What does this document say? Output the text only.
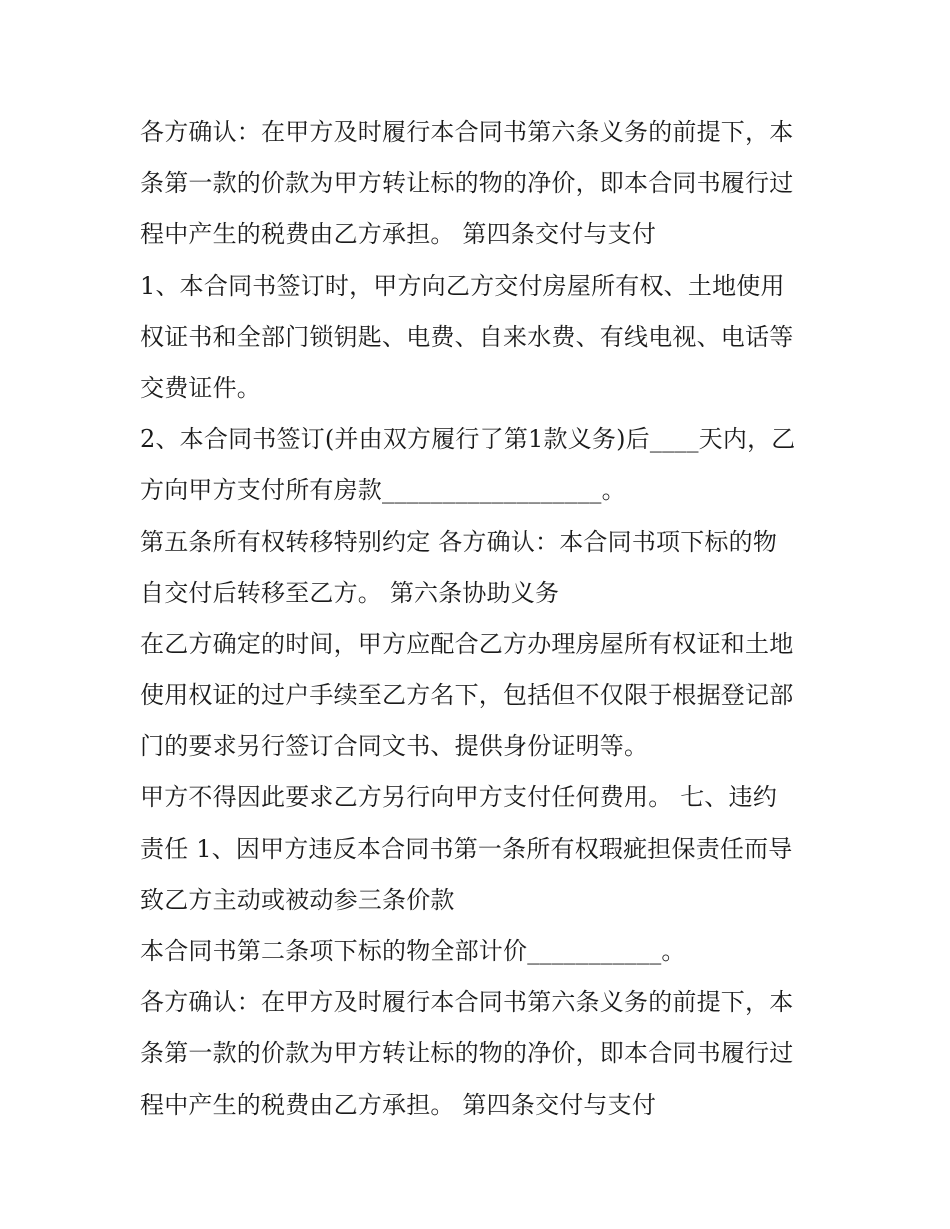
各方确认：在甲方及时履行本合同书第六条义务的前提下，本
条第一款的价款为甲方转让标的物的净价，即本合同书履行过
程中产生的税费由乙方承担。 第四条交付与支付
1、本合同书签订时，甲方向乙方交付房屋所有权、土地使用
权证书和全部门锁钥匙、电费、自来水费、有线电视、电话等
交费证件。
2、本合同书签订(并由双方履行了第1款义务)后____天内，乙
方向甲方支付所有房款__________________。
第五条所有权转移特别约定 各方确认：本合同书项下标的物
自交付后转移至乙方。 第六条协助义务
在乙方确定的时间，甲方应配合乙方办理房屋所有权证和土地
使用权证的过户手续至乙方名下，包括但不仅限于根据登记部
门的要求另行签订合同文书、提供身份证明等。
甲方不得因此要求乙方另行向甲方支付任何费用。 七、违约
责任 1、因甲方违反本合同书第一条所有权瑕疵担保责任而导
致乙方主动或被动参三条价款
本合同书第二条项下标的物全部计价___________。
各方确认：在甲方及时履行本合同书第六条义务的前提下，本
条第一款的价款为甲方转让标的物的净价，即本合同书履行过
程中产生的税费由乙方承担。 第四条交付与支付
